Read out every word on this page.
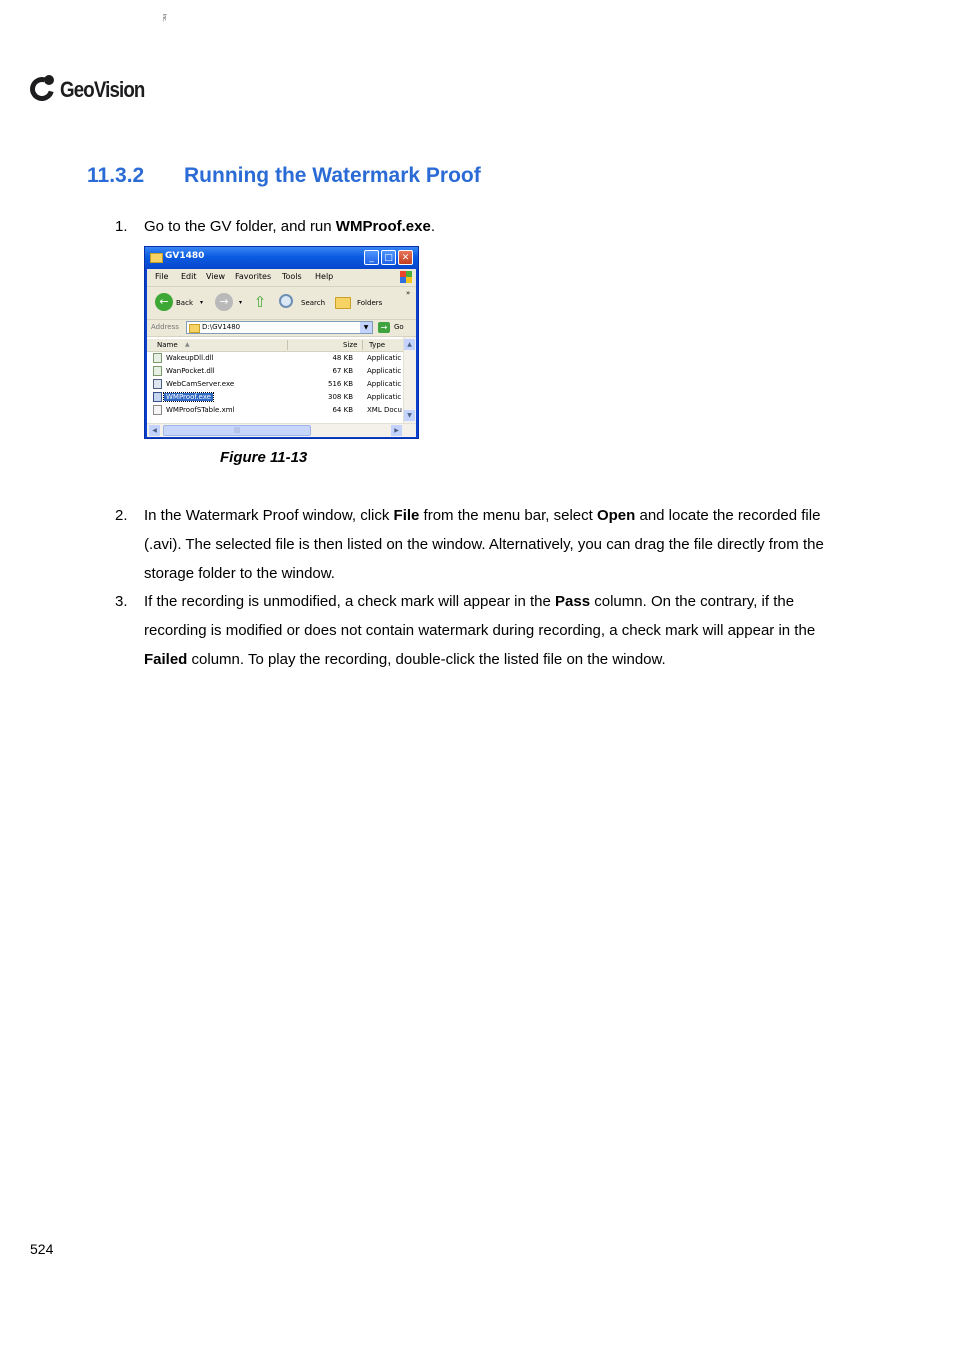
GeoVision
Inc.
11.3.2 Running the Watermark Proof
1. Go to the GV folder, and run WMProof.exe.
GV1480	_	□ ✕
File Edit View Favorites Tools Help
←	Back ▾	→	▾ ⇧	Search	Folders
»
Address	D:\GV1480	▼	→ Go
Name ▲	Size Type
WakeupDll.dll	48 KB Applicatic
WanPocket.dll	67 KB Applicatic
WebCamServer.exe	516 KB Applicatic
WMProof.exe	308 KB Applicatic
WMProofSTable.xml	64 KB XML Docu
▲
▼
◀	|||	▶
Figure 11-13
2. In the Watermark Proof window, click File from the menu bar, select Open and locate the recorded file (.avi). The selected file is then listed on the window. Alternatively, you can drag the file directly from the storage folder to the window.
3. If the recording is unmodified, a check mark will appear in the Pass column. On the contrary, if the recording is modified or does not contain watermark during recording, a check mark will appear in the Failed column. To play the recording, double-click the listed file on the window.
524
